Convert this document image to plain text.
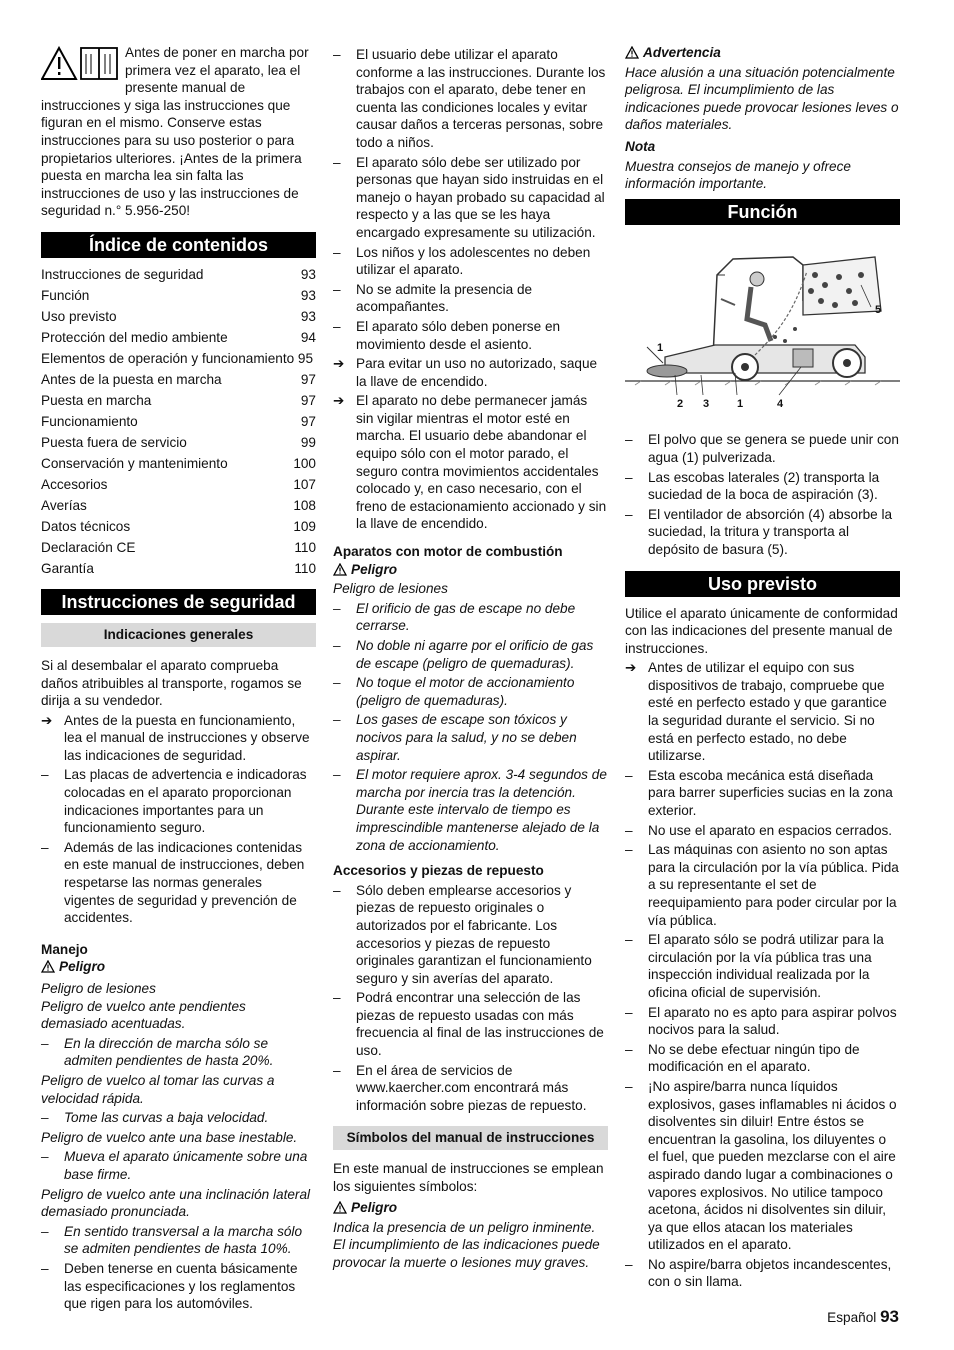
Antes de poner en marcha por primera vez el aparato, lea el presente manual de instrucciones y siga las instrucciones que figuran en el mismo. Conserve estas instrucciones para su uso posterior o para propietarios ulteriores. ¡Antes de la primera puesta en marcha lea sin falta las instrucciones de uso y las instrucciones de seguridad n.° 5.956-250!

Índice de contenidos
Instrucciones de seguridad	93
Función	93
Uso previsto	93
Protección del medio ambiente	94
Elementos de operación y funcionamiento 95
Antes de la puesta en marcha	97
Puesta en marcha	97
Funcionamiento	97
Puesta fuera de servicio	99
Conservación y mantenimiento	100
Accesorios	107
Averías	108
Datos técnicos	109
Declaración CE	110
Garantía	110
Instrucciones de seguridad
Indicaciones generales

Si al desembalar el aparato comprueba daños atribuibles al transporte, rogamos se dirija a su vendedor.

➔ Antes de la puesta en funcionamiento, lea el manual de instrucciones y observe las indicaciones de seguridad.
–	Las placas de advertencia e indicadoras colocadas en el aparato proporcionan indicaciones importantes para un funcionamiento seguro.
–	Además de las indicaciones contenidas en este manual de instrucciones, deben respetarse las normas generales vigentes de seguridad y prevención de accidentes.

Manejo

Peligro

Peligro de lesiones

Peligro de vuelco ante pendientes demasiado acentuadas.

–	En la dirección de marcha sólo se admiten pendientes de hasta 20%.

Peligro de vuelco al tomar las curvas a velocidad rápida.

–	Tome las curvas a baja velocidad.

Peligro de vuelco ante una base inestable.

–	Mueva el aparato únicamente sobre una base firme.

Peligro de vuelco ante una inclinación lateral demasiado pronunciada.

–	En sentido transversal a la marcha sólo se admiten pendientes de hasta 10%.
–	Deben tenerse en cuenta básicamente las especificaciones y los reglamentos que rigen para los automóviles.
–	El usuario debe utilizar el aparato conforme a las instrucciones. Durante los trabajos con el aparato, debe tener en cuenta las condiciones locales y evitar causar daños a terceras personas, sobre todo a niños.
–	El aparato sólo debe ser utilizado por personas que hayan sido instruidas en el manejo o hayan probado su capacidad al respecto y a las que se les haya encargado expresamente su utilización.
–	Los niños y los adolescentes no deben utilizar el aparato.
–	No se admite la presencia de acompañantes.
–	El aparato sólo deben ponerse en movimiento desde el asiento.
➔ Para evitar un uso no autorizado, saque la llave de encendido.
➔ El aparato no debe permanecer jamás sin vigilar mientras el motor esté en marcha. El usuario debe abandonar el equipo sólo con el motor parado, el seguro contra movimientos accidentales colocado y, en caso necesario, con el freno de estacionamiento accionado y sin la llave de encendido.

Aparatos con motor de combustión

Peligro

Peligro de lesiones

–	El orificio de gas de escape no debe cerrarse.
–	No doble ni agarre por el orificio de gas de escape (peligro de quemaduras).
–	No toque el motor de accionamiento (peligro de quemaduras).
–	Los gases de escape son tóxicos y nocivos para la salud, y no se deben aspirar.
–	El motor requiere aprox. 3-4 segundos de marcha por inercia tras la detención. Durante este intervalo de tiempo es imprescindible mantenerse alejado de la zona de accionamiento.

Accesorios y piezas de repuesto

–	Sólo deben emplearse accesorios y piezas de repuesto originales o autorizados por el fabricante. Los accesorios y piezas de repuesto originales garantizan el funcionamiento seguro y sin averías del aparato.
–	Podrá encontrar una selección de las piezas de repuesto usadas con más frecuencia al final de las instrucciones de uso.
–	En el área de servicios de www.kaercher.com encontrará más información sobre piezas de repuesto.
Símbolos del manual de instrucciones

En este manual de instrucciones se emplean los siguientes símbolos:

Peligro

Indica la presencia de un peligro inminente. El incumplimiento de las indicaciones puede provocar la muerte o lesiones muy graves.

Advertencia

Hace alusión a una situación potencialmente peligrosa. El incumplimiento de las indicaciones puede provocar lesiones leves o daños materiales.

Nota

Muestra consejos de manejo y ofrece información importante.

Función
1
2 3	1	4
5
–	El polvo que se genera se puede unir con agua (1) pulverizada.
–	Las escobas laterales (2) transporta la suciedad de la boca de aspiración (3).
–	El ventilador de absorción (4) absorbe la suciedad, la tritura y transporta al depósito de basura (5).
Uso previsto

Utilice el aparato únicamente de conformidad con las indicaciones del presente manual de instrucciones.

➔ Antes de utilizar el equipo con sus dispositivos de trabajo, compruebe que esté en perfecto estado y que garantice la seguridad durante el servicio. Si no está en perfecto estado, no debe utilizarse.
–	Esta escoba mecánica está diseñada para barrer superficies sucias en la zona exterior.
–	No use el aparato en espacios cerrados.
–	Las máquinas con asiento no son aptas para la circulación por la vía pública. Pida a su representante el set de reequipamiento para poder circular por la vía pública.
–	El aparato sólo se podrá utilizar para la circulación por la vía pública tras una inspección individual realizada por la oficina oficial de supervisión.
–	El aparato no es apto para aspirar polvos nocivos para la salud.
–	No se debe efectuar ningún tipo de modificación en el aparato.
–	¡No aspire/barra nunca líquidos explosivos, gases inflamables ni ácidos o disolventes sin diluir! Entre éstos se encuentran la gasolina, los diluyentes o el fuel, que pueden mezclarse con el aire aspirado dando lugar a combinaciones o vapores explosivos. No utilice tampoco acetona, ácidos ni disolventes sin diluir, ya que ellos atacan los materiales utilizados en el aparato.
–	No aspire/barra objetos incandescentes, con o sin llama.
Español 93
